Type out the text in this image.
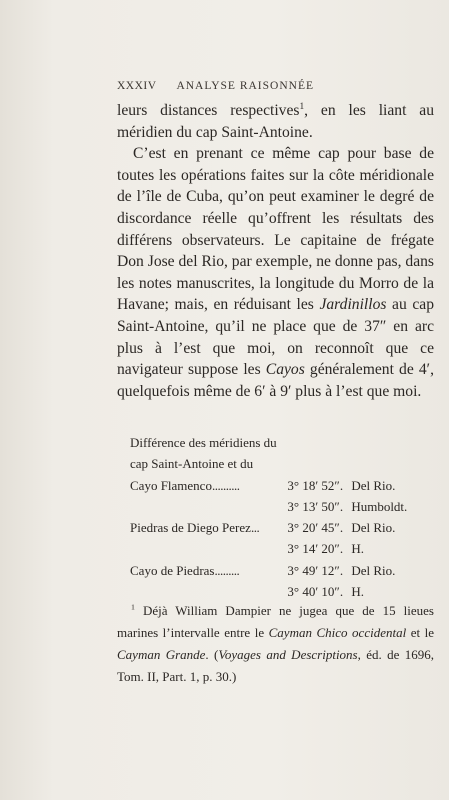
XXXIV ANALYSE RAISONNÉE

leurs distances respectives$^1$, en les liant au méridien du cap Saint-Antoine.

C’est en prenant ce même cap pour base de toutes les opérations faites sur la côte méridionale de l’île de Cuba, qu’on peut examiner le degré de discordance réelle qu’offrent les résultats des différens observateurs. Le capitaine de frégate Don Jose del Rio, par exemple, ne donne pas, dans les notes manuscrites, la longitude du Morro de la Havane; mais, en réduisant les Jardinillos au cap Saint-Antoine, qu’il ne place que de 37″ en arc plus à l’est que moi, on reconnoît que ce navigateur suppose les Cayos généralement de 4′, quelquefois même de 6′ à 9′ plus à l’est que moi.

Différence des méridiens du
cap Saint-Antoine et du
Cayo Flamenco..........	3° 18′ 52″. Del Rio.
3° 13′ 50″. Humboldt.
Piedras de Diego Perez...	3° 20′ 45″. Del Rio.
3° 14′ 20″. H.
Cayo de Piedras.........	3° 49′ 12″. Del Rio.
3° 40′ 10″. H.

$^1$ Déjà William Dampier ne jugea que de 15 lieues marines l’intervalle entre le Cayman Chico occidental et le Cayman Grande. (Voyages and Descriptions, éd. de 1696, Tom. II, Part. 1, p. 30.)
